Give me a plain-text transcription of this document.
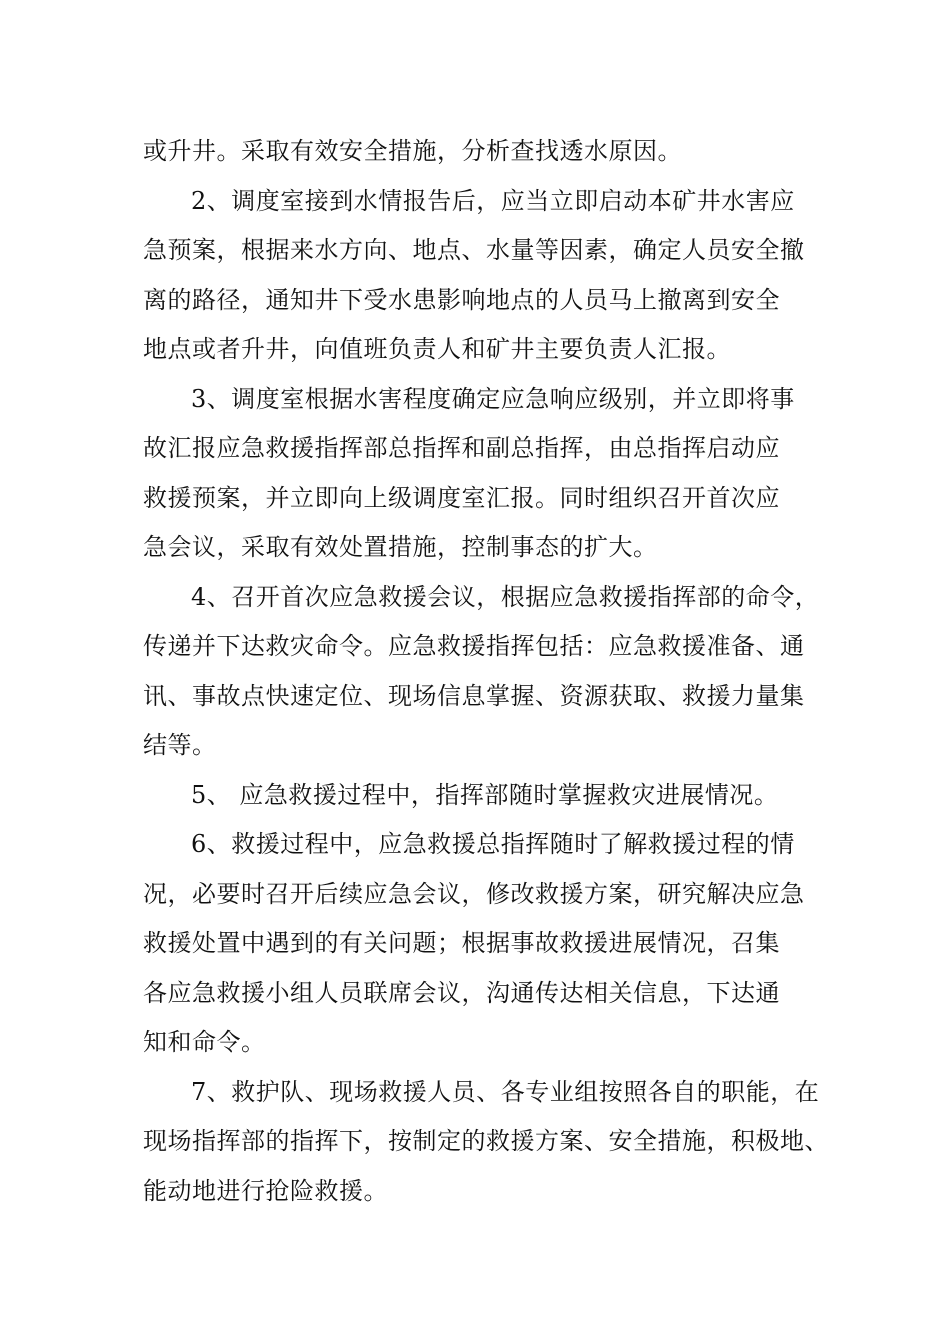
或升井。采取有效安全措施，分析查找透水原因。

2、调度室接到水情报告后，应当立即启动本矿井水害应
急预案，根据来水方向、地点、水量等因素，确定人员安全撤
离的路径，通知井下受水患影响地点的人员马上撤离到安全
地点或者升井，向值班负责人和矿井主要负责人汇报。

3、调度室根据水害程度确定应急响应级别，并立即将事
故汇报应急救援指挥部总指挥和副总指挥，由总指挥启动应
救援预案，并立即向上级调度室汇报。同时组织召开首次应
急会议，采取有效处置措施，控制事态的扩大。

4、召开首次应急救援会议，根据应急救援指挥部的命令，
传递并下达救灾命令。应急救援指挥包括：应急救援准备、通
讯、事故点快速定位、现场信息掌握、资源获取、救援力量集
结等。

5、 应急救援过程中，指挥部随时掌握救灾进展情况。

6、救援过程中，应急救援总指挥随时了解救援过程的情
况，必要时召开后续应急会议，修改救援方案，研究解决应急
救援处置中遇到的有关问题；根据事故救援进展情况，召集
各应急救援小组人员联席会议，沟通传达相关信息，下达通
知和命令。

7、救护队、现场救援人员、各专业组按照各自的职能，在
现场指挥部的指挥下，按制定的救援方案、安全措施，积极地、
能动地进行抢险救援。
